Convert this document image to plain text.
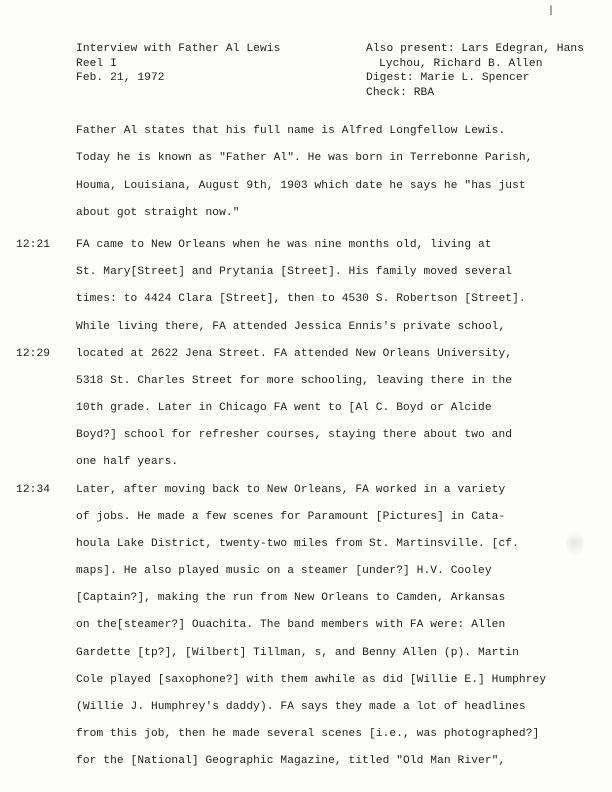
|
Interview with Father Al Lewis
Reel I
Feb. 21, 1972
Also present: Lars Edegran, Hans
Lychou, Richard B. Allen
Digest: Marie L. Spencer
Check: RBA
12:21
12:29
12:34
Father Al states that his full name is Alfred Longfellow Lewis.
Today he is known as "Father Al". He was born in Terrebonne Parish,
Houma, Louisiana, August 9th, 1903 which date he says he "has just
about got straight now."
FA came to New Orleans when he was nine months old, living at
St. Mary[Street] and Prytania [Street]. His family moved several
times: to 4424 Clara [Street], then to 4530 S. Robertson [Street].
While living there, FA attended Jessica Ennis's private school,
located at 2622 Jena Street. FA attended New Orleans University,
5318 St. Charles Street for more schooling, leaving there in the
10th grade. Later in Chicago FA went to [Al C. Boyd or Alcide
Boyd?] school for refresher courses, staying there about two and
one half years.
Later, after moving back to New Orleans, FA worked in a variety
of jobs. He made a few scenes for Paramount [Pictures] in Cata-
houla Lake District, twenty-two miles from St. Martinsville. [cf.
maps]. He also played music on a steamer [under?] H.V. Cooley
[Captain?], making the run from New Orleans to Camden, Arkansas
on the[steamer?] Ouachita. The band members with FA were: Allen
Gardette [tp?], [Wilbert] Tillman, s, and Benny Allen (p). Martin
Cole played [saxophone?] with them awhile as did [Willie E.] Humphrey
(Willie J. Humphrey's daddy). FA says they made a lot of headlines
from this job, then he made several scenes [i.e., was photographed?]
for the [National] Geographic Magazine, titled "Old Man River",
